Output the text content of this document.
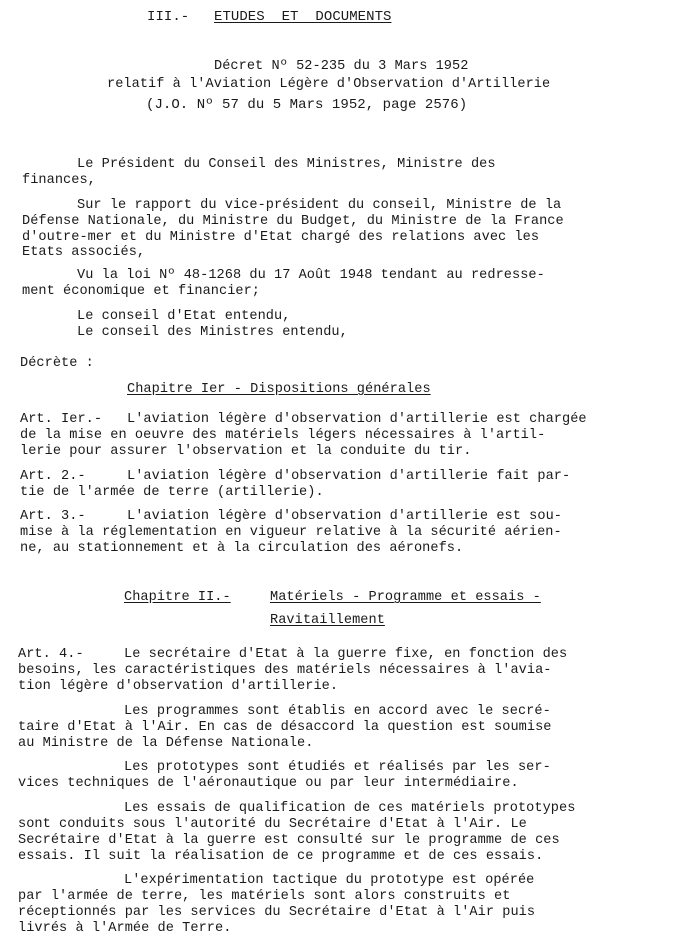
III.- ETUDES  ET  DOCUMENTS
Décret Nº 52-235 du 3 Mars 1952
relatif à l'Aviation Légère d'Observation d'Artillerie
(J.O. Nº 57 du 5 Mars 1952, page 2576)
Le Président du Conseil des Ministres, Ministre des
finances,
Sur le rapport du vice-président du conseil, Ministre de la
Défense Nationale, du Ministre du Budget, du Ministre de la France
d'outre-mer et du Ministre d'Etat chargé des relations avec les
Etats associés,
Vu la loi Nº 48-1268 du 17 Août 1948 tendant au redresse-
ment économique et financier;
Le conseil d'Etat entendu,
Le conseil des Ministres entendu,
Décrète :
Chapitre Ier - Dispositions générales
Art. Ier.- L'aviation légère d'observation d'artillerie est chargée
de la mise en oeuvre des matériels légers nécessaires à l'artil-
lerie pour assurer l'observation et la conduite du tir.
Art. 2.-	L'aviation légère d'observation d'artillerie fait par-
tie de l'armée de terre (artillerie).
Art. 3.-	L'aviation légère d'observation d'artillerie est sou-
mise à la réglementation en vigueur relative à la sécurité aérien-
ne, au stationnement et à la circulation des aéronefs.
Chapitre II.-	Matériels - Programme et essais -
Ravitaillement
Art. 4.-	Le secrétaire d'Etat à la guerre fixe, en fonction des
besoins, les caractéristiques des matériels nécessaires à l'avia-
tion légère d'observation d'artillerie.
Les programmes sont établis en accord avec le secré-
taire d'Etat à l'Air. En cas de désaccord la question est soumise
au Ministre de la Défense Nationale.
Les prototypes sont étudiés et réalisés par les ser-
vices techniques de l'aéronautique ou par leur intermédiaire.
Les essais de qualification de ces matériels prototypes
sont conduits sous l'autorité du Secrétaire d'Etat à l'Air. Le
Secrétaire d'Etat à la guerre est consulté sur le programme de ces
essais. Il suit la réalisation de ce programme et de ces essais.
L'expérimentation tactique du prototype est opérée
par l'armée de terre, les matériels sont alors construits et
réceptionnés par les services du Secrétaire d'Etat à l'Air puis
livrés à l'Armée de Terre.
